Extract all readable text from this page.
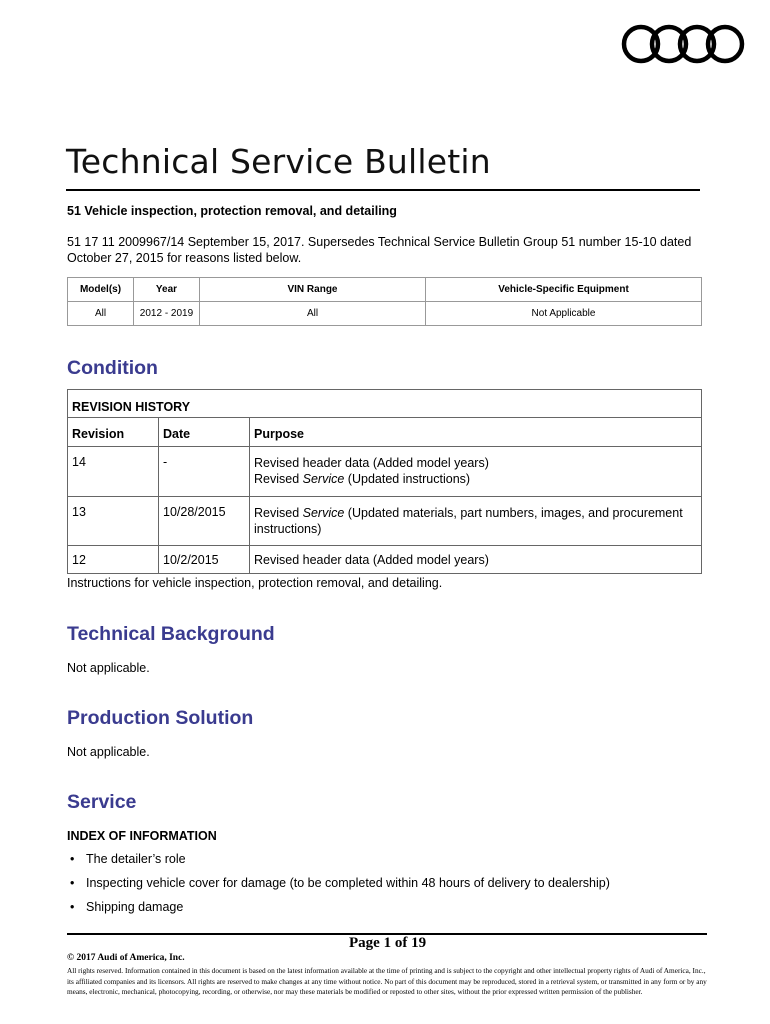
Technical Service Bulletin
51 Vehicle inspection, protection removal, and detailing
51 17 11 2009967/14 September 15, 2017. Supersedes Technical Service Bulletin Group 51 number 15-10 dated October 27, 2015 for reasons listed below.
Model(s)	Year	VIN Range	Vehicle-Specific Equipment
All	2012 - 2019	All	Not Applicable
Condition
REVISION HISTORY		
Revision	Date	Purpose
14	-	Revised header data (Added model years)
Revised Service (Updated instructions)

13	10/28/2015	Revised Service (Updated materials, part numbers, images, and procurement instructions)
12	10/2/2015	Revised header data (Added model years)
Instructions for vehicle inspection, protection removal, and detailing.
Technical Background
Not applicable.
Production Solution
Not applicable.
Service
INDEX OF INFORMATION
• The detailer’s role
• Inspecting vehicle cover for damage (to be completed within 48 hours of delivery to dealership)
• Shipping damage
Page 1 of 19
© 2017 Audi of America, Inc.
All rights reserved. Information contained in this document is based on the latest information available at the time of printing and is subject to the copyright and other intellectual property rights of Audi of America, Inc., its affiliated companies and its licensors. All rights are reserved to make changes at any time without notice. No part of this document may be reproduced, stored in a retrieval system, or transmitted in any form or by any means, electronic, mechanical, photocopying, recording, or otherwise, nor may these materials be modified or reposted to other sites, without the prior expressed written permission of the publisher.
